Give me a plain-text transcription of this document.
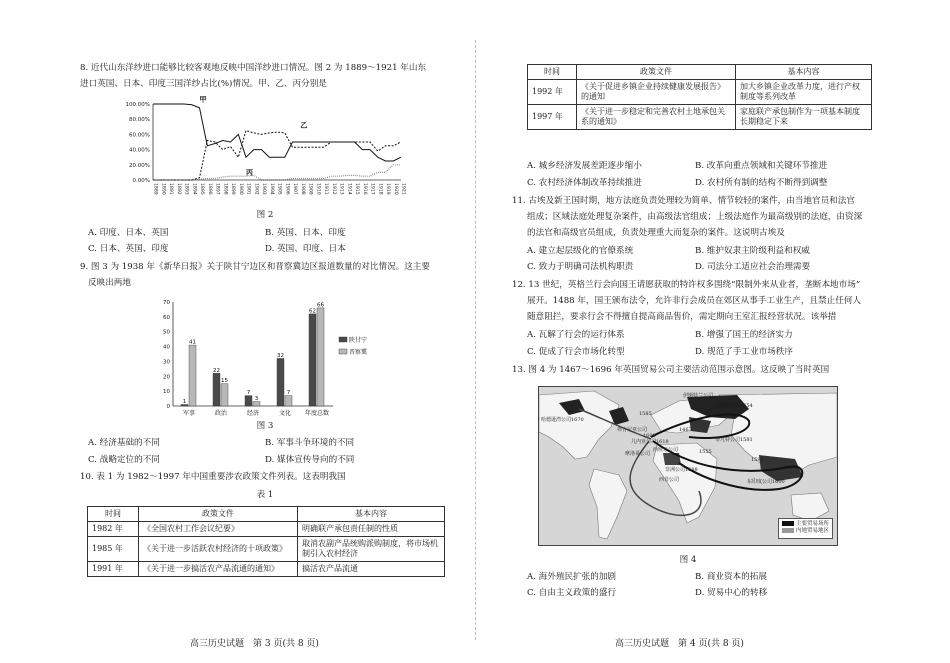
8. 近代山东洋纱进口能够比较客观地反映中国洋纱进口情况。图 2 为 1889～1921 年山东
进口英国、日本、印度三国洋纱占比(%)情况。甲、乙、丙分别是
0.00%
20.00%
40.00%
60.00%
80.00%
100.00%
1889 1890 1891 1892 1893 1894 1895 1896 1897 1898 1899 1900 1901 1902 1903 1904 1905 1906 1907 1908 1909 1910 1911 1912 1913 1914 1915 1916 1917 1918 1919 1920 1921
甲
乙
丙
图 2
A. 印度、日本、英国	B. 英国、日本、印度
C. 日本、英国、印度	D. 英国、印度、日本
9. 图 3 为 1938 年《新华日报》关于陕甘宁边区和晋察冀边区报道数量的对比情况。这主要
反映出两地
0
10
20
30
40
50
60
70
1
41
军事
22
15
政治
7
3
经济
32
7
文化
62
66
年度总数
陕甘宁
晋察冀
图 3
A. 经济基础的不同	B. 军事斗争环境的不同
C. 战略定位的不同	D. 媒体宣传导向的不同
10. 表 1 为 1982～1997 年中国重要涉农政策文件列表。这表明我国
表 1
时间	政策文件	基本内容
1982 年	《全国农村工作会议纪要》	明确联产承包责任制的性质
1985 年	《关于进一步活跃农村经济的十项政策》	取消农副产品统购派购制度，将市场机制引入农村经济
1991 年	《关于进一步搞活农产品流通的通知》	搞活农产品流通
高三历史试题　第 3 页(共 8 页)
时间	政策文件	基本内容
1992 年	《关于促进乡镇企业持续健康发展报告》的通知	加大乡镇企业改革力度，进行产权制度等系列改革
1997 年	《关于进一步稳定和完善农村土地承包关系的通知》	家庭联产承包制作为一项基本制度长期稳定下来
A. 城乡经济发展差距逐步缩小	B. 改革向重点领域和关键环节推进
C. 农村经济体制改革持续推进	D. 农村所有制的结构不断得到调整
11. 古埃及新王国时期，地方法庭负责处理较为简单、情节较轻的案件，由当地官员和法官
组成；区域法庭处理复杂案件，由高级法官组成；上级法庭作为最高级别的法庭，由资深
的法官和高级官员组成，负责处理重大而复杂的案件。这说明古埃及
A. 建立起层级化的官僚系统	B. 维护奴隶主阶级利益和权威
C. 致力于明确司法机构职责	D. 司法分工适应社会治理需要
12. 13 世纪，英格兰行会向国王请愿获取的特许权多围绕“限制外来从业者，垄断本地市场”
展开。1488 年，国王颁布法令，允许非行会成员在郊区从事手工业生产，且禁止任何人
随意阻拦，要求行会不得擅自提高商品售价，需定期向王室汇报经营状况。该举措
A. 瓦解了行会的运行体系	B. 增强了国王的经济实力
C. 促成了行会市场化转型	D. 规范了手工业市场秩序
13. 图 4 为 1467～1696 年英国贸易公司主要活动范围示意图。这反映了当时英国
伊斯特兰公司
莫斯科公司1554
哈德逊湾公司1670
弗吉尼亚公司
西班牙公司
西非公司	东印度公司1600
黎凡特公司1581
摩洛哥公司
非洲公司1588
几内亚公司1618
1467
1592
1585
1555
1600
主要贸易场所
内地贸易地区
图 4
A. 海外殖民扩张的加剧	B. 商业资本的拓展
C. 自由主义政策的盛行	D. 贸易中心的转移
高三历史试题　第 4 页(共 8 页)
